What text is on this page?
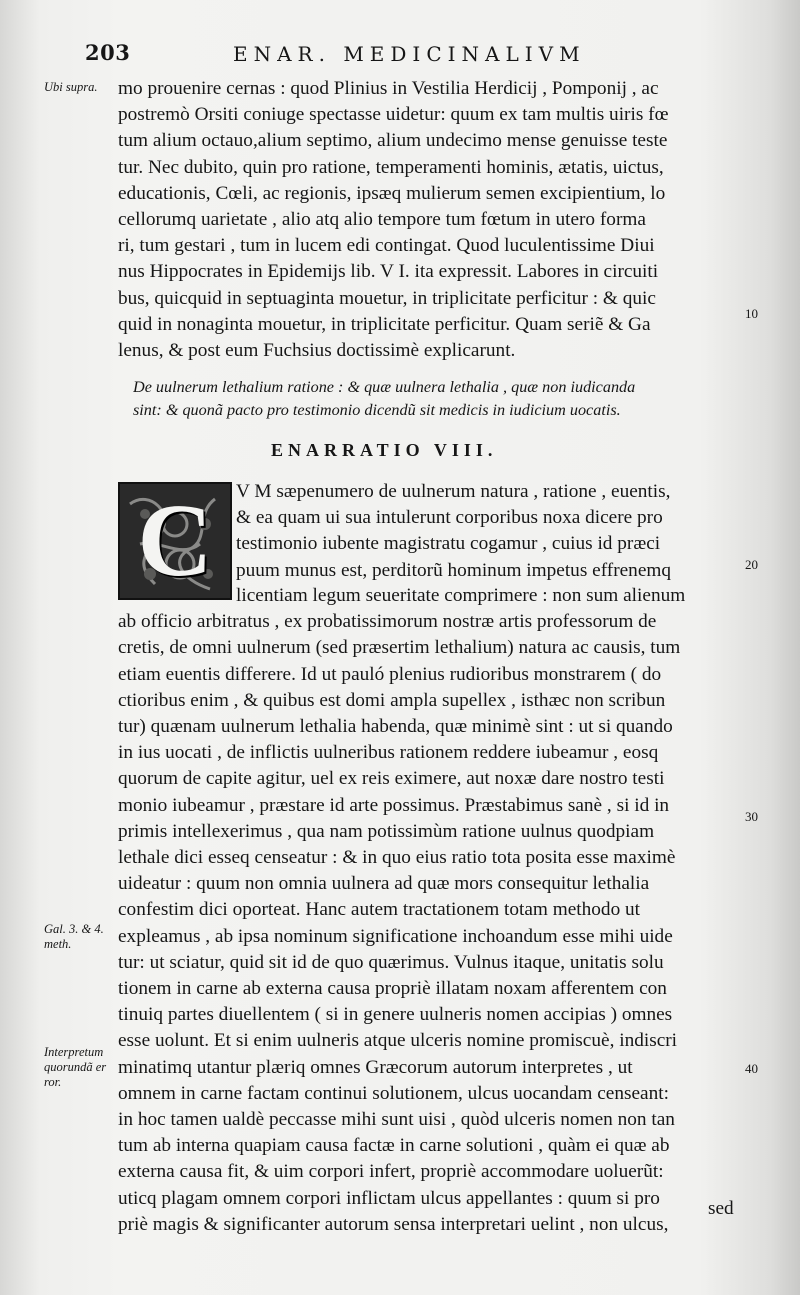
203	ENAR. MEDICINALIVM
Ubi supra.	mo prouenire cernas : quod Plinius in Vestilia Herdicij , Pomponij , ac
postremò Orsiti coniuge spectasse uidetur: quum ex tam multis uiris fœ
tum alium octauo,alium septimo, alium undecimo mense genuisse teste
tur. Nec dubito, quin pro ratione, temperamenti hominis, ætatis, uictus,
educationis, Cœli, ac regionis, ipsæq mulierum semen excipientium, lo
cellorumq uarietate , alio atq alio tempore tum fœtum in utero forma
ri, tum gestari , tum in lucem edi contingat. Quod luculentissime Diui
nus Hippocrates in Epidemijs lib. V I. ita expressit. Labores in circuiti
bus, quicquid in septuaginta mouetur, in triplicitate perficitur : & quic
quid in nonaginta mouetur, in triplicitate perficitur. Quam seriẽ & Ga
lenus, & post eum Fuchsius doctissimè explicarunt.
10
De uulnerum lethalium ratione : & quæ uulnera lethalia , quæ non iudicanda
sint: & quonã pacto pro testimonio dicendũ sit medicis in iudicium uocatis.
ENARRATIO VIII.
C V M sæpenumero de uulnerum natura , ratione , euentis,
& ea quam ui sua intulerunt corporibus noxa dicere pro
testimonio iubente magistratu cogamur , cuius id præci
puum munus est, perditorũ hominum impetus effrenemq
licentiam legum seueritate comprimere : non sum alienum
ab officio arbitratus , ex probatissimorum nostræ artis professorum de
cretis, de omni uulnerum (sed præsertim lethalium) natura ac causis, tum
etiam euentis differere. Id ut pauló plenius rudioribus monstrarem ( do
ctioribus enim , & quibus est domi ampla supellex , isthæc non scribun
tur) quænam uulnerum lethalia habenda, quæ minimè sint : ut si quando
in ius uocati , de inflictis uulneribus rationem reddere iubeamur , eosq
quorum de capite agitur, uel ex reis eximere, aut noxæ dare nostro testi
monio iubeamur , præstare id arte possimus. Præstabimus sanè , si id in
primis intellexerimus , qua nam potissimùm ratione uulnus quodpiam
lethale dici esseq censeatur : & in quo eius ratio tota posita esse maximè
uideatur : quum non omnia uulnera ad quæ mors consequitur lethalia
confestim dici oporteat. Hanc autem tractationem totam methodo ut
expleamus , ab ipsa nominum significatione inchoandum esse mihi uide
tur: ut sciatur, quid sit id de quo quærimus. Vulnus itaque, unitatis solu
tionem in carne ab externa causa propriè illatam noxam afferentem con
tinuiq partes diuellentem ( si in genere uulneris nomen accipias ) omnes
esse uolunt. Et si enim uulneris atque ulceris nomine promiscuè, indiscri
minatimq utantur plæriq omnes Græcorum autorum interpretes , ut
omnem in carne factam continui solutionem, ulcus uocandam censeant:
in hoc tamen ualdè peccasse mihi sunt uisi , quòd ulceris nomen non tan
tum ab interna quapiam causa factæ in carne solutioni , quàm ei quæ ab
externa causa fit, & uim corpori infert, propriè accommodare uoluerũt:
uticq plagam omnem corpori inflictam ulcus appellantes : quum si pro
priè magis & significanter autorum sensa interpretari uelint , non ulcus,
sed
20
30
40
Gal. 3. & 4.
meth.
Interpretum
quorundã er
ror.
